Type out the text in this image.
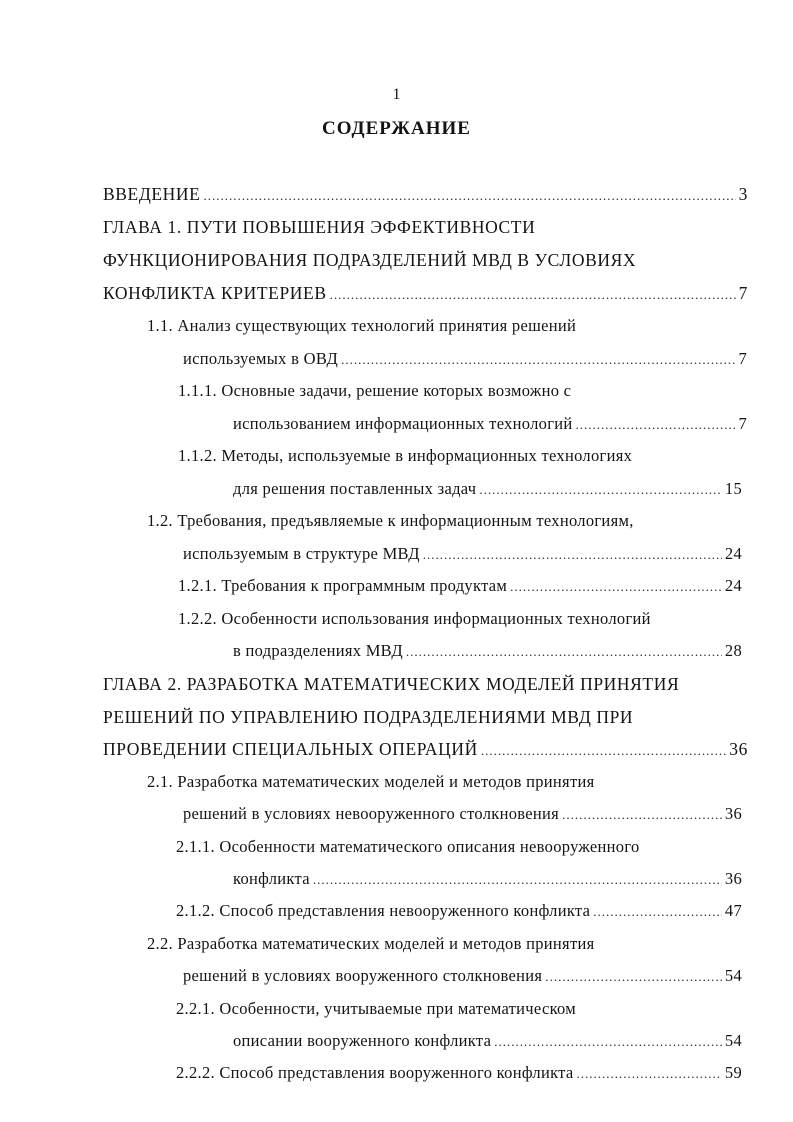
1
СОДЕРЖАНИЕ
ВВЕДЕНИЕ .....	3
ГЛАВА 1. ПУТИ ПОВЫШЕНИЯ ЭФФЕКТИВНОСТИ
ФУНКЦИОНИРОВАНИЯ ПОДРАЗДЕЛЕНИЙ МВД В УСЛОВИЯХ
КОНФЛИКТА КРИТЕРИЕВ .....	7
1.1. Анализ существующих технологий принятия решений
используемых в ОВД .....	7
1.1.1. Основные задачи, решение которых возможно с
использованием информационных технологий .....	7
1.1.2. Методы, используемые в информационных технологиях
для решения поставленных задач .....	15
1.2. Требования, предъявляемые к информационным технологиям,
используемым в структуре МВД .....	24
1.2.1. Требования к программным продуктам .....	24
1.2.2. Особенности использования информационных технологий
в подразделениях МВД .....	28
ГЛАВА 2. РАЗРАБОТКА МАТЕМАТИЧЕСКИХ МОДЕЛЕЙ ПРИНЯТИЯ
РЕШЕНИЙ ПО УПРАВЛЕНИЮ ПОДРАЗДЕЛЕНИЯМИ МВД ПРИ
ПРОВЕДЕНИИ СПЕЦИАЛЬНЫХ ОПЕРАЦИЙ .....	36
2.1. Разработка математических моделей и методов принятия
решений в условиях невооруженного столкновения .....	36
2.1.1. Особенности математического описания невооруженного
конфликта .....	36
2.1.2. Способ представления невооруженного конфликта .....	47
2.2. Разработка математических моделей и методов принятия
решений в условиях вооруженного столкновения .....	54
2.2.1. Особенности, учитываемые при математическом
описании вооруженного конфликта .....	54
2.2.2. Способ представления вооруженного конфликта .....	59
